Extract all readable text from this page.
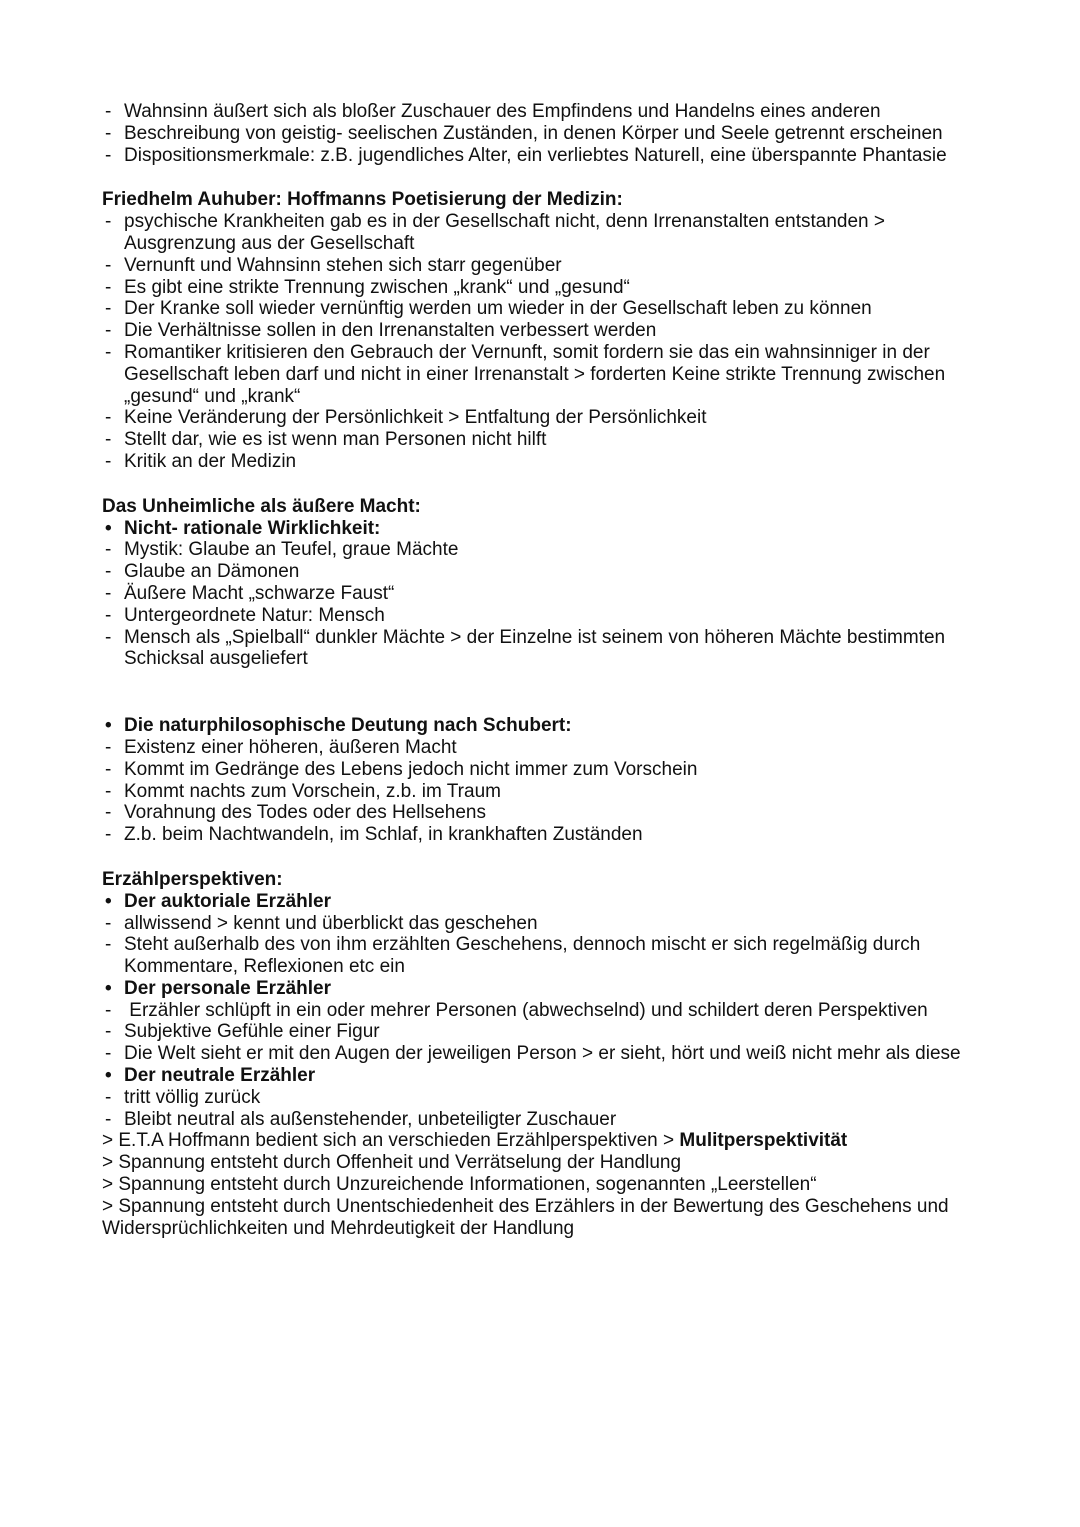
- Wahnsinn äußert sich als bloßer Zuschauer des Empfindens und Handelns eines anderen
- Beschreibung von geistig- seelischen Zuständen, in denen Körper und Seele getrennt erscheinen
- Dispositionsmerkmale: z.B. jugendliches Alter, ein verliebtes Naturell, eine überspannte Phantasie
Friedhelm Auhuber: Hoffmanns Poetisierung der Medizin:
- psychische Krankheiten gab es in der Gesellschaft nicht, denn Irrenanstalten entstanden > Ausgrenzung aus der Gesellschaft
- Vernunft und Wahnsinn stehen sich starr gegenüber
- Es gibt eine strikte Trennung zwischen „krank“ und „gesund“
- Der Kranke soll wieder vernünftig werden um wieder in der Gesellschaft leben zu können
- Die Verhältnisse sollen in den Irrenanstalten verbessert werden
- Romantiker kritisieren den Gebrauch der Vernunft, somit fordern sie das ein wahnsinniger in der Gesellschaft leben darf und nicht in einer Irrenanstalt > forderten Keine strikte Trennung zwischen „gesund“ und „krank“
- Keine Veränderung der Persönlichkeit > Entfaltung der Persönlichkeit
- Stellt dar, wie es ist wenn man Personen nicht hilft
- Kritik an der Medizin
Das Unheimliche als äußere Macht:
• Nicht- rationale Wirklichkeit:
- Mystik: Glaube an Teufel, graue Mächte
- Glaube an Dämonen
- Äußere Macht „schwarze Faust“
- Untergeordnete Natur: Mensch
- Mensch als „Spielball“ dunkler Mächte > der Einzelne ist seinem von höheren Mächte bestimmten Schicksal ausgeliefert
• Die naturphilosophische Deutung nach Schubert:
- Existenz einer höheren, äußeren Macht
- Kommt im Gedränge des Lebens jedoch nicht immer zum Vorschein
- Kommt nachts zum Vorschein, z.b. im Traum
- Vorahnung des Todes oder des Hellsehens
- Z.b. beim Nachtwandeln, im Schlaf, in krankhaften Zuständen
Erzählperspektiven:
• Der auktoriale Erzähler
- allwissend > kennt und überblickt das geschehen
- Steht außerhalb des von ihm erzählten Geschehens, dennoch mischt er sich regelmäßig durch Kommentare, Reflexionen etc ein
• Der personale Erzähler
- Erzähler schlüpft in ein oder mehrer Personen (abwechselnd) und schildert deren Perspektiven
- Subjektive Gefühle einer Figur
- Die Welt sieht er mit den Augen der jeweiligen Person > er sieht, hört und weiß nicht mehr als diese
• Der neutrale Erzähler
- tritt völlig zurück
- Bleibt neutral als außenstehender, unbeteiligter Zuschauer
> E.T.A Hoffmann bedient sich an verschieden Erzählperspektiven > Mulitperspektivität
> Spannung entsteht durch Offenheit und Verrätselung der Handlung
> Spannung entsteht durch Unzureichende Informationen, sogenannten „Leerstellen“
> Spannung entsteht durch Unentschiedenheit des Erzählers in der Bewertung des Geschehens und Widersprüchlichkeiten und Mehrdeutigkeit der Handlung
